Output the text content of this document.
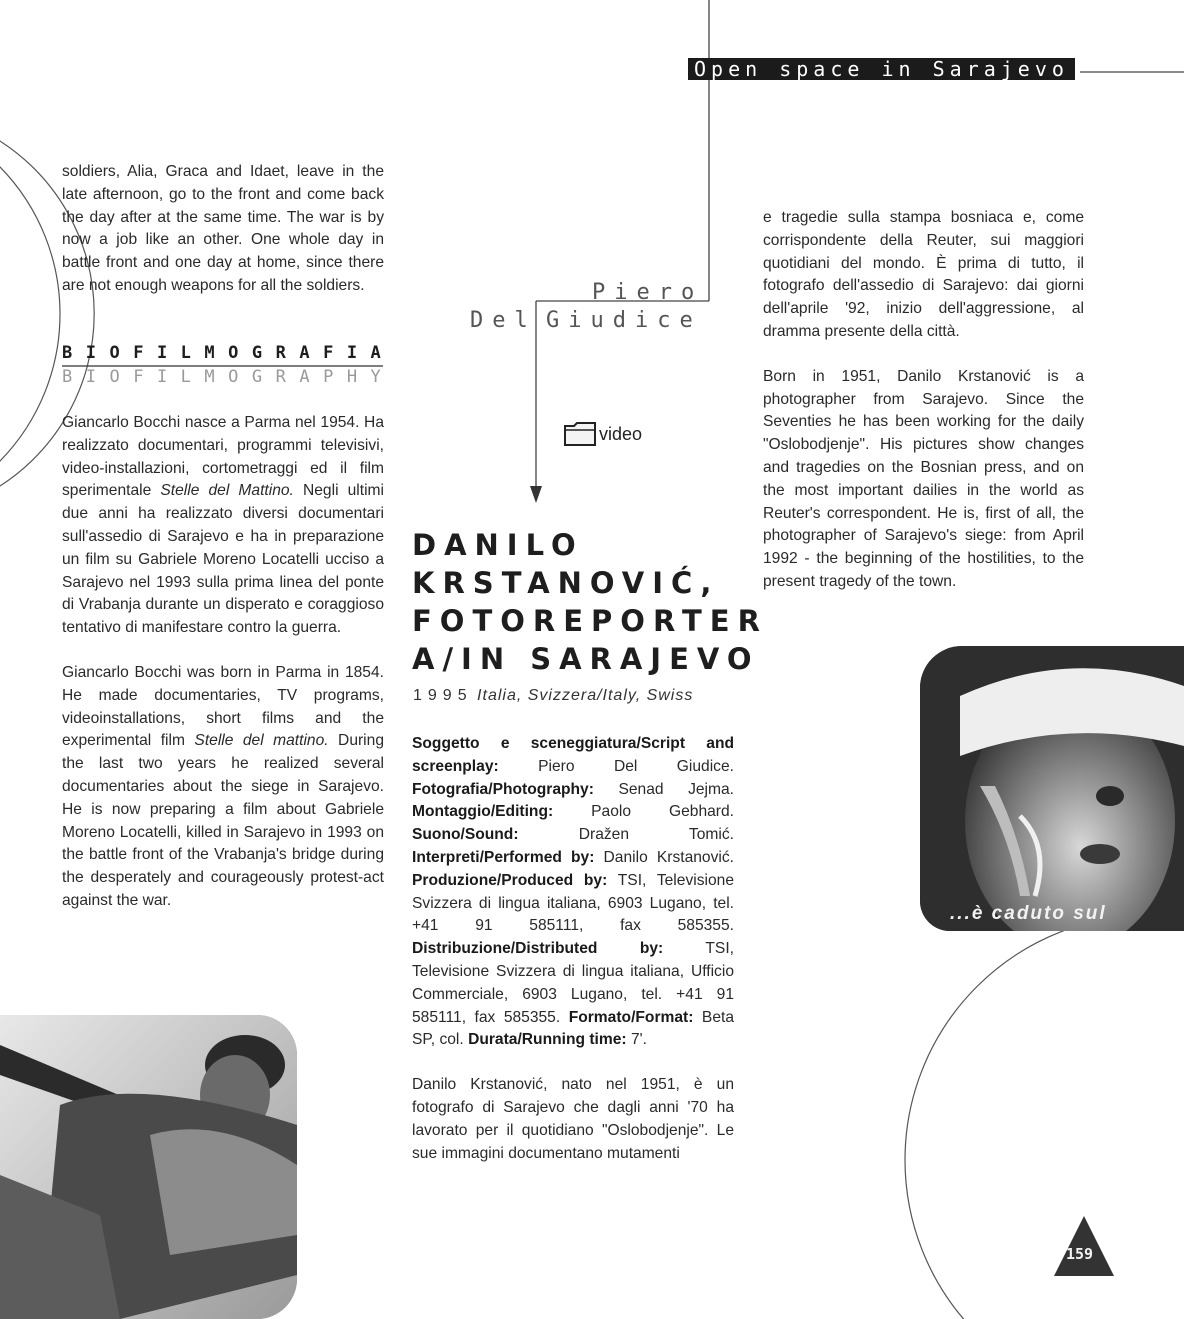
Open space in Sarajevo

soldiers, Alia, Graca and Idaet, leave in the late afternoon, go to the front and come back the day after at the same time. The war is by now a job like an other. One whole day in battle front and one day at home, since there are not enough weapons for all the soldiers.

BIOFILMOGRAFIA
BIOFILMOGRAPHY

Giancarlo Bocchi nasce a Parma nel 1954. Ha realizzato documentari, programmi televisivi, video-installazioni, cortometraggi ed il film sperimentale Stelle del Mattino. Negli ultimi due anni ha realizzato diversi documentari sull'assedio di Sarajevo e ha in preparazione un film su Gabriele Moreno Locatelli ucciso a Sarajevo nel 1993 sulla prima linea del ponte di Vrabanja durante un disperato e coraggioso tentativo di manifestare contro la guerra.

Giancarlo Bocchi was born in Parma in 1854. He made documentaries, TV programs, videoinstallations, short films and the experimental film Stelle del mattino. During the last two years he realized several documentaries about the siege in Sarajevo. He is now preparing a film about Gabriele Moreno Locatelli, killed in Sarajevo in 1993 on the battle front of the Vrabanja's bridge during the desperately and courageously protest-act against the war.

Piero
Del Giudice
video
DANILO
KRSTANOVIĆ,
FOTOREPORTER
A/IN SARAJEVO
1995 Italia, Svizzera/Italy, Swiss

Soggetto e sceneggiatura/Script and screenplay: Piero Del Giudice. Fotografia/Photography: Senad Jejma. Montaggio/Editing: Paolo Gebhard. Suono/Sound: Dražen Tomić. Interpreti/Performed by: Danilo Krstanović. Produzione/Produced by: TSI, Televisione Svizzera di lingua italiana, 6903 Lugano, tel. +41 91 585111, fax 585355. Distribuzione/Distributed by: TSI, Televisione Svizzera di lingua italiana, Ufficio Commerciale, 6903 Lugano, tel. +41 91 585111, fax 585355. Formato/Format: Beta SP, col. Durata/Running time: 7'.

Danilo Krstanović, nato nel 1951, è un fotografo di Sarajevo che dagli anni '70 ha lavorato per il quotidiano "Oslobodjenje". Le sue immagini documentano mutamenti

e tragedie sulla stampa bosniaca e, come corrispondente della Reuter, sui maggiori quotidiani del mondo. È prima di tutto, il fotografo dell'assedio di Sarajevo: dai giorni dell'aprile '92, inizio dell'aggressione, al dramma presente della città.

Born in 1951, Danilo Krstanović is a photographer from Sarajevo. Since the Seventies he has been working for the daily "Oslobodjenje". His pictures show changes and tragedies on the Bosnian press, and on the most important dailies in the world as Reuter's correspondent. He is, first of all, the photographer of Sarajevo's siege: from April 1992 - the beginning of the hostilities, to the present tragedy of the town.

...è caduto sul
159
